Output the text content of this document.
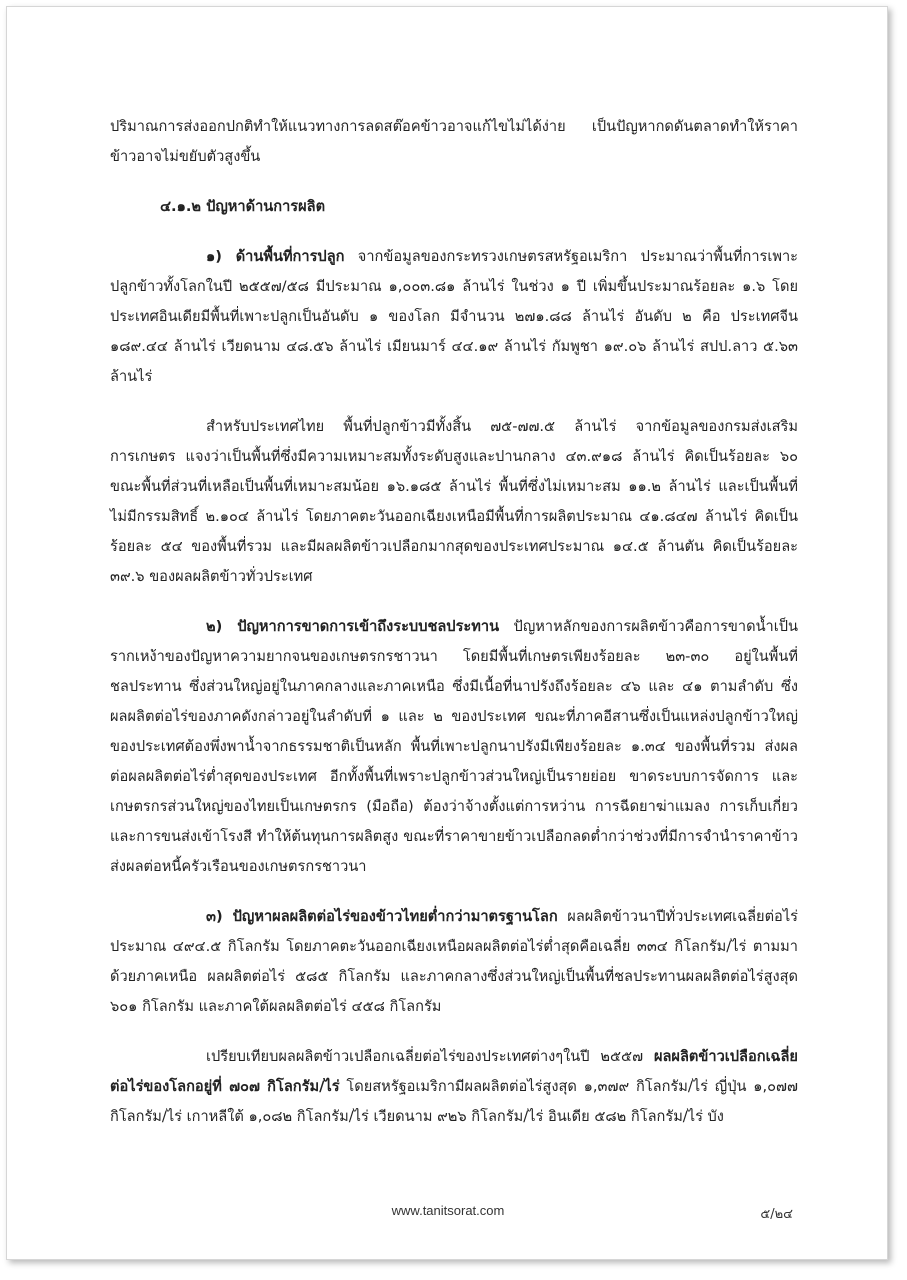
ปริมาณการส่งออกปกติทำให้แนวทางการลดสต๊อคข้าวอาจแก้ไขไม่ได้ง่าย เป็นปัญหากดดันตลาดทำให้ราคาข้าวอาจไม่ขยับตัวสูงขึ้น

๔.๑.๒ ปัญหาด้านการผลิต

๑) ด้านพื้นที่การปลูก จากข้อมูลของกระทรวงเกษตรสหรัฐอเมริกา ประมาณว่าพื้นที่การเพาะปลูกข้าวทั้งโลกในปี ๒๕๕๗/๕๘ มีประมาณ ๑,๐๐๓.๘๑ ล้านไร่ ในช่วง ๑ ปี เพิ่มขึ้นประมาณร้อยละ ๑.๖ โดยประเทศอินเดียมีพื้นที่เพาะปลูกเป็นอันดับ ๑ ของโลก มีจำนวน ๒๗๑.๘๘ ล้านไร่ อันดับ ๒ คือ ประเทศจีน ๑๘๙.๔๔ ล้านไร่ เวียดนาม ๔๘.๕๖ ล้านไร่ เมียนมาร์ ๔๔.๑๙ ล้านไร่ กัมพูชา ๑๙.๐๖ ล้านไร่ สปป.ลาว ๕.๖๓ ล้านไร่

สำหรับประเทศไทย พื้นที่ปลูกข้าวมีทั้งสิ้น ๗๕-๗๗.๕ ล้านไร่ จากข้อมูลของกรมส่งเสริมการเกษตร แจงว่าเป็นพื้นที่ซึ่งมีความเหมาะสมทั้งระดับสูงและปานกลาง ๔๓.๙๑๘ ล้านไร่ คิดเป็นร้อยละ ๖๐ ขณะพื้นที่ส่วนที่เหลือเป็นพื้นที่เหมาะสมน้อย ๑๖.๑๘๕ ล้านไร่ พื้นที่ซึ่งไม่เหมาะสม ๑๑.๒ ล้านไร่ และเป็นพื้นที่ไม่มีกรรมสิทธิ์ ๒.๑๐๔ ล้านไร่ โดยภาคตะวันออกเฉียงเหนือมีพื้นที่การผลิตประมาณ ๔๑.๘๔๗ ล้านไร่ คิดเป็นร้อยละ ๕๔ ของพื้นที่รวม และมีผลผลิตข้าวเปลือกมากสุดของประเทศประมาณ ๑๔.๕ ล้านตัน คิดเป็นร้อยละ ๓๙.๖ ของผลผลิตข้าวทั่วประเทศ

๒) ปัญหาการขาดการเข้าถึงระบบชลประทาน ปัญหาหลักของการผลิตข้าวคือการขาดน้ำเป็นรากเหง้าของปัญหาความยากจนของเกษตรกรชาวนา โดยมีพื้นที่เกษตรเพียงร้อยละ ๒๓-๓๐ อยู่ในพื้นที่ชลประทาน ซึ่งส่วนใหญ่อยู่ในภาคกลางและภาคเหนือ ซึ่งมีเนื้อที่นาปรังถึงร้อยละ ๔๖ และ ๔๑ ตามลำดับ ซึ่งผลผลิตต่อไร่ของภาคดังกล่าวอยู่ในลำดับที่ ๑ และ ๒ ของประเทศ ขณะที่ภาคอีสานซึ่งเป็นแหล่งปลูกข้าวใหญ่ของประเทศต้องพึ่งพาน้ำจากธรรมชาติเป็นหลัก พื้นที่เพาะปลูกนาปรังมีเพียงร้อยละ ๑.๓๔ ของพื้นที่รวม ส่งผลต่อผลผลิตต่อไร่ต่ำสุดของประเทศ อีกทั้งพื้นที่เพราะปลูกข้าวส่วนใหญ่เป็นรายย่อย ขาดระบบการจัดการ และเกษตรกรส่วนใหญ่ของไทยเป็นเกษตรกร (มือถือ) ต้องว่าจ้างตั้งแต่การหว่าน การฉีดยาฆ่าแมลง การเก็บเกี่ยว และการขนส่งเข้าโรงสี ทำให้ต้นทุนการผลิตสูง ขณะที่ราคาขายข้าวเปลือกลดต่ำกว่าช่วงที่มีการจำนำราคาข้าว ส่งผลต่อหนี้ครัวเรือนของเกษตรกรชาวนา

๓) ปัญหาผลผลิตต่อไร่ของข้าวไทยต่ำกว่ามาตรฐานโลก ผลผลิตข้าวนาปีทั่วประเทศเฉลี่ยต่อไร่ประมาณ ๔๙๔.๕ กิโลกรัม โดยภาคตะวันออกเฉียงเหนือผลผลิตต่อไร่ต่ำสุดคือเฉลี่ย ๓๓๔ กิโลกรัม/ไร่ ตามมาด้วยภาคเหนือ ผลผลิตต่อไร่ ๕๘๕ กิโลกรัม และภาคกลางซึ่งส่วนใหญ่เป็นพื้นที่ชลประทานผลผลิตต่อไร่สูงสุด ๖๐๑ กิโลกรัม และภาคใต้ผลผลิตต่อไร่ ๔๕๘ กิโลกรัม

เปรียบเทียบผลผลิตข้าวเปลือกเฉลี่ยต่อไร่ของประเทศต่างๆในปี ๒๕๕๗ ผลผลิตข้าวเปลือกเฉลี่ยต่อไร่ของโลกอยู่ที่ ๗๐๗ กิโลกรัม/ไร่ โดยสหรัฐอเมริกามีผลผลิตต่อไร่สูงสุด ๑,๓๗๙ กิโลกรัม/ไร่ ญี่ปุ่น ๑,๐๗๗ กิโลกรัม/ไร่ เกาหลีใต้ ๑,๐๘๒ กิโลกรัม/ไร่ เวียดนาม ๙๒๖ กิโลกรัม/ไร่ อินเดีย ๕๘๒ กิโลกรัม/ไร่ บัง

www.tanitsorat.com	๕/๒๔
